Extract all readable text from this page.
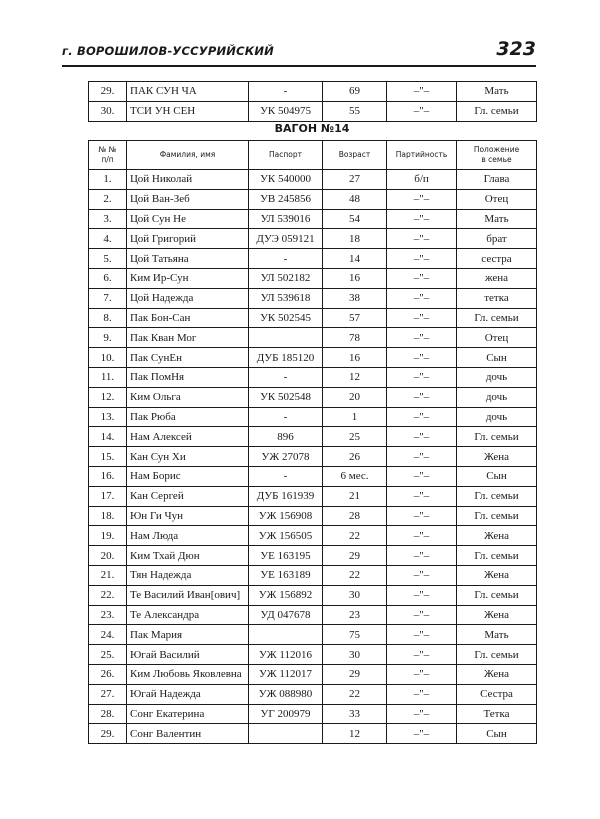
г. ВОРОШИЛОВ-УССУРИЙСКИЙ	323
29.	ПАК СУН ЧА	-	69	–"–	Мать
30.	ТСИ УН СЕН	УК 504975	55	–"–	Гл. семьи
ВАГОН №14
№ №
п/п	Фамилия, имя	Паспорт	Возраст	Партийность	Положение
в семье
1.	Цой Николай	УК 540000	27	б/п	Глава
2.	Цой Ван-Зеб	УВ 245856	48	–"–	Отец
3.	Цой Сун Не	УЛ 539016	54	–"–	Мать
4.	Цой Григорий	ДУЭ 059121	18	–"–	брат
5.	Цой Татьяна	-	14	–"–	сестра
6.	Ким Ир-Сун	УЛ 502182	16	–"–	жена
7.	Цой Надежда	УЛ 539618	38	–"–	тетка
8.	Пак Бон-Сан	УК 502545	57	–"–	Гл. семьи
9.	Пак Кван Мог		78	–"–	Отец
10.	Пак СунЕн	ДУБ 185120	16	–"–	Сын
11.	Пак ПомНя	-	12	–"–	дочь
12.	Ким Ольга	УК 502548	20	–"–	дочь
13.	Пак Рюба	-	1	–"–	дочь
14.	Нам Алексей	896	25	–"–	Гл. семьи
15.	Кан Сун Хи	УЖ 27078	26	–"–	Жена
16.	Нам Борис	-	6 мес.	–"–	Сын
17.	Кан Сергей	ДУБ 161939	21	–"–	Гл. семьи
18.	Юн Ги Чун	УЖ 156908	28	–"–	Гл. семьи
19.	Нам Люда	УЖ 156505	22	–"–	Жена
20.	Ким Тхай Дюн	УЕ 163195	29	–"–	Гл. семьи
21.	Тян Надежда	УЕ 163189	22	–"–	Жена
22.	Те Василий Иван[ович]	УЖ 156892	30	–"–	Гл. семьи
23.	Те Александра	УД 047678	23	–"–	Жена
24.	Пак Мария		75	–"–	Мать
25.	Югай Василий	УЖ 112016	30	–"–	Гл. семьи
26.	Ким Любовь Яковлевна	УЖ 112017	29	–"–	Жена
27.	Югай Надежда	УЖ 088980	22	–"–	Сестра
28.	Сонг Екатерина	УГ 200979	33	–"–	Тетка
29.	Сонг Валентин		12	–"–	Сын
